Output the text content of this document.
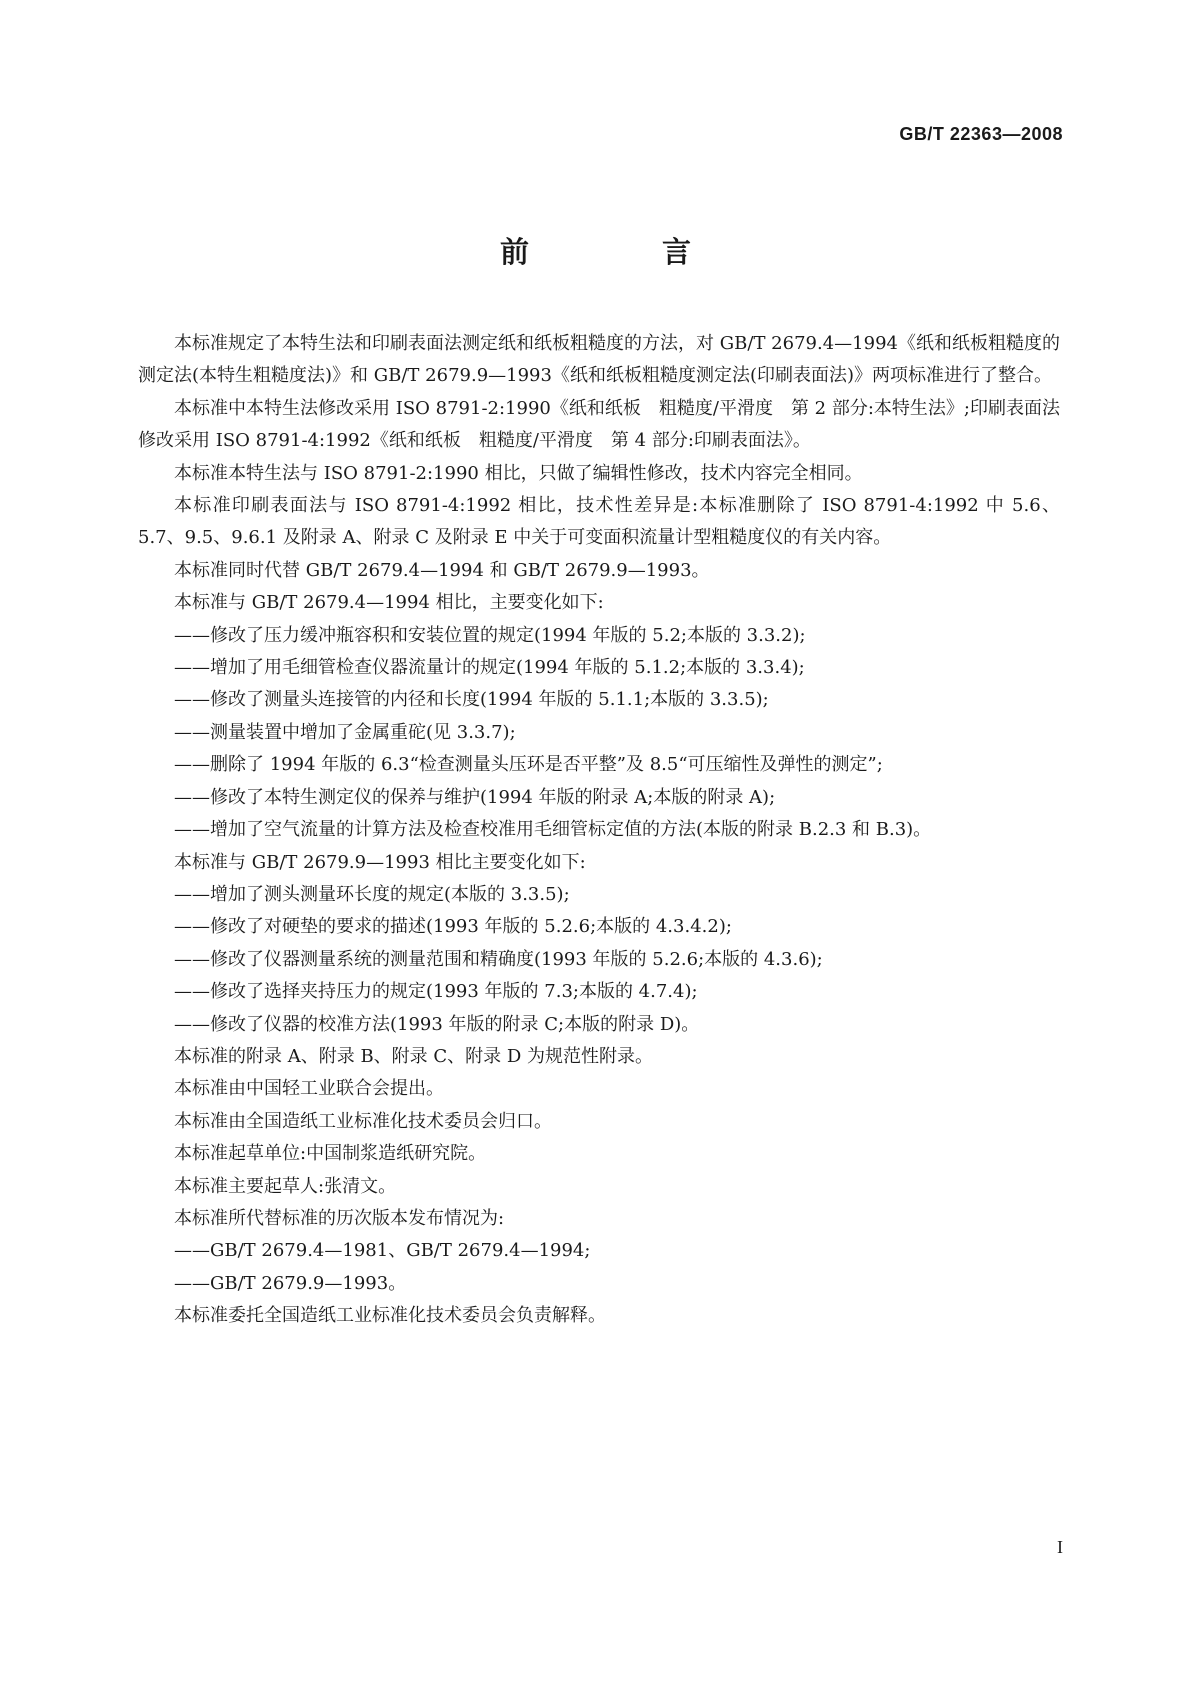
GB/T 22363—2008
前　言

本标准规定了本特生法和印刷表面法测定纸和纸板粗糙度的方法，对 GB/T 2679.4—1994《纸和纸板粗糙度的测定法(本特生粗糙度法)》和 GB/T 2679.9—1993《纸和纸板粗糙度测定法(印刷表面法)》两项标准进行了整合。

本标准中本特生法修改采用 ISO 8791-2:1990《纸和纸板　粗糙度/平滑度　第 2 部分:本特生法》;印刷表面法修改采用 ISO 8791-4:1992《纸和纸板　粗糙度/平滑度　第 4 部分:印刷表面法》。

本标准本特生法与 ISO 8791-2:1990 相比，只做了编辑性修改，技术内容完全相同。

本标准印刷表面法与 ISO 8791-4:1992 相比，技术性差异是:本标准删除了 ISO 8791-4:1992 中 5.6、5.7、9.5、9.6.1 及附录 A、附录 C 及附录 E 中关于可变面积流量计型粗糙度仪的有关内容。

本标准同时代替 GB/T 2679.4—1994 和 GB/T 2679.9—1993。

本标准与 GB/T 2679.4—1994 相比，主要变化如下:

——修改了压力缓冲瓶容积和安装位置的规定(1994 年版的 5.2;本版的 3.3.2);

——增加了用毛细管检查仪器流量计的规定(1994 年版的 5.1.2;本版的 3.3.4);

——修改了测量头连接管的内径和长度(1994 年版的 5.1.1;本版的 3.3.5);

——测量装置中增加了金属重砣(见 3.3.7);

——删除了 1994 年版的 6.3“检查测量头压环是否平整”及 8.5“可压缩性及弹性的测定”;

——修改了本特生测定仪的保养与维护(1994 年版的附录 A;本版的附录 A);

——增加了空气流量的计算方法及检查校准用毛细管标定值的方法(本版的附录 B.2.3 和 B.3)。

本标准与 GB/T 2679.9—1993 相比主要变化如下:

——增加了测头测量环长度的规定(本版的 3.3.5);

——修改了对硬垫的要求的描述(1993 年版的 5.2.6;本版的 4.3.4.2);

——修改了仪器测量系统的测量范围和精确度(1993 年版的 5.2.6;本版的 4.3.6);

——修改了选择夹持压力的规定(1993 年版的 7.3;本版的 4.7.4);

——修改了仪器的校准方法(1993 年版的附录 C;本版的附录 D)。

本标准的附录 A、附录 B、附录 C、附录 D 为规范性附录。

本标准由中国轻工业联合会提出。

本标准由全国造纸工业标准化技术委员会归口。

本标准起草单位:中国制浆造纸研究院。

本标准主要起草人:张清文。

本标准所代替标准的历次版本发布情况为:

——GB/T 2679.4—1981、GB/T 2679.4—1994;

——GB/T 2679.9—1993。

本标准委托全国造纸工业标准化技术委员会负责解释。

I
